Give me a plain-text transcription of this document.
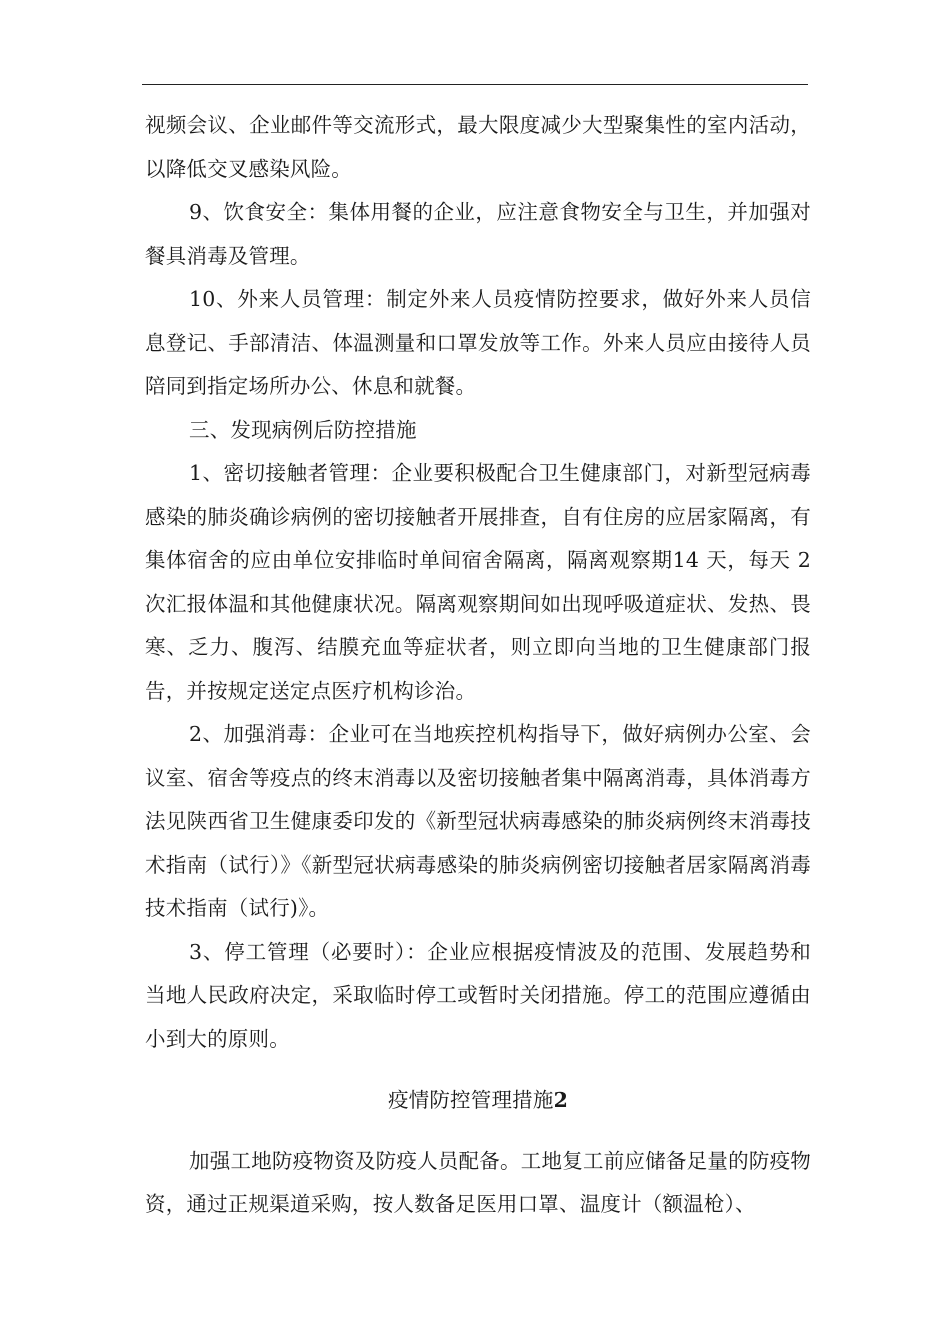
视频会议、企业邮件等交流形式，最大限度减少大型聚集性的室内活动，以降低交叉感染风险。

9、饮食安全：集体用餐的企业，应注意食物安全与卫生，并加强对餐具消毒及管理。

10、外来人员管理：制定外来人员疫情防控要求，做好外来人员信息登记、手部清洁、体温测量和口罩发放等工作。外来人员应由接待人员陪同到指定场所办公、休息和就餐。

三、发现病例后防控措施

1、密切接触者管理：企业要积极配合卫生健康部门，对新型冠病毒感染的肺炎确诊病例的密切接触者开展排查，自有住房的应居家隔离，有集体宿舍的应由单位安排临时单间宿舍隔离，隔离观察期14 天，每天 2 次汇报体温和其他健康状况。隔离观察期间如出现呼吸道症状、发热、畏寒、乏力、腹泻、结膜充血等症状者，则立即向当地的卫生健康部门报告，并按规定送定点医疗机构诊治。

2、加强消毒：企业可在当地疾控机构指导下，做好病例办公室、会议室、宿舍等疫点的终末消毒以及密切接触者集中隔离消毒，具体消毒方法见陕西省卫生健康委印发的《新型冠状病毒感染的肺炎病例终末消毒技术指南（试行）》《新型冠状病毒感染的肺炎病例密切接触者居家隔离消毒技术指南（试行)》。

3、停工管理（必要时）：企业应根据疫情波及的范围、发展趋势和当地人民政府决定，采取临时停工或暂时关闭措施。停工的范围应遵循由小到大的原则。

疫情防控管理措施2

加强工地防疫物资及防疫人员配备。工地复工前应储备足量的防疫物资，通过正规渠道采购，按人数备足医用口罩、温度计（额温枪）、
